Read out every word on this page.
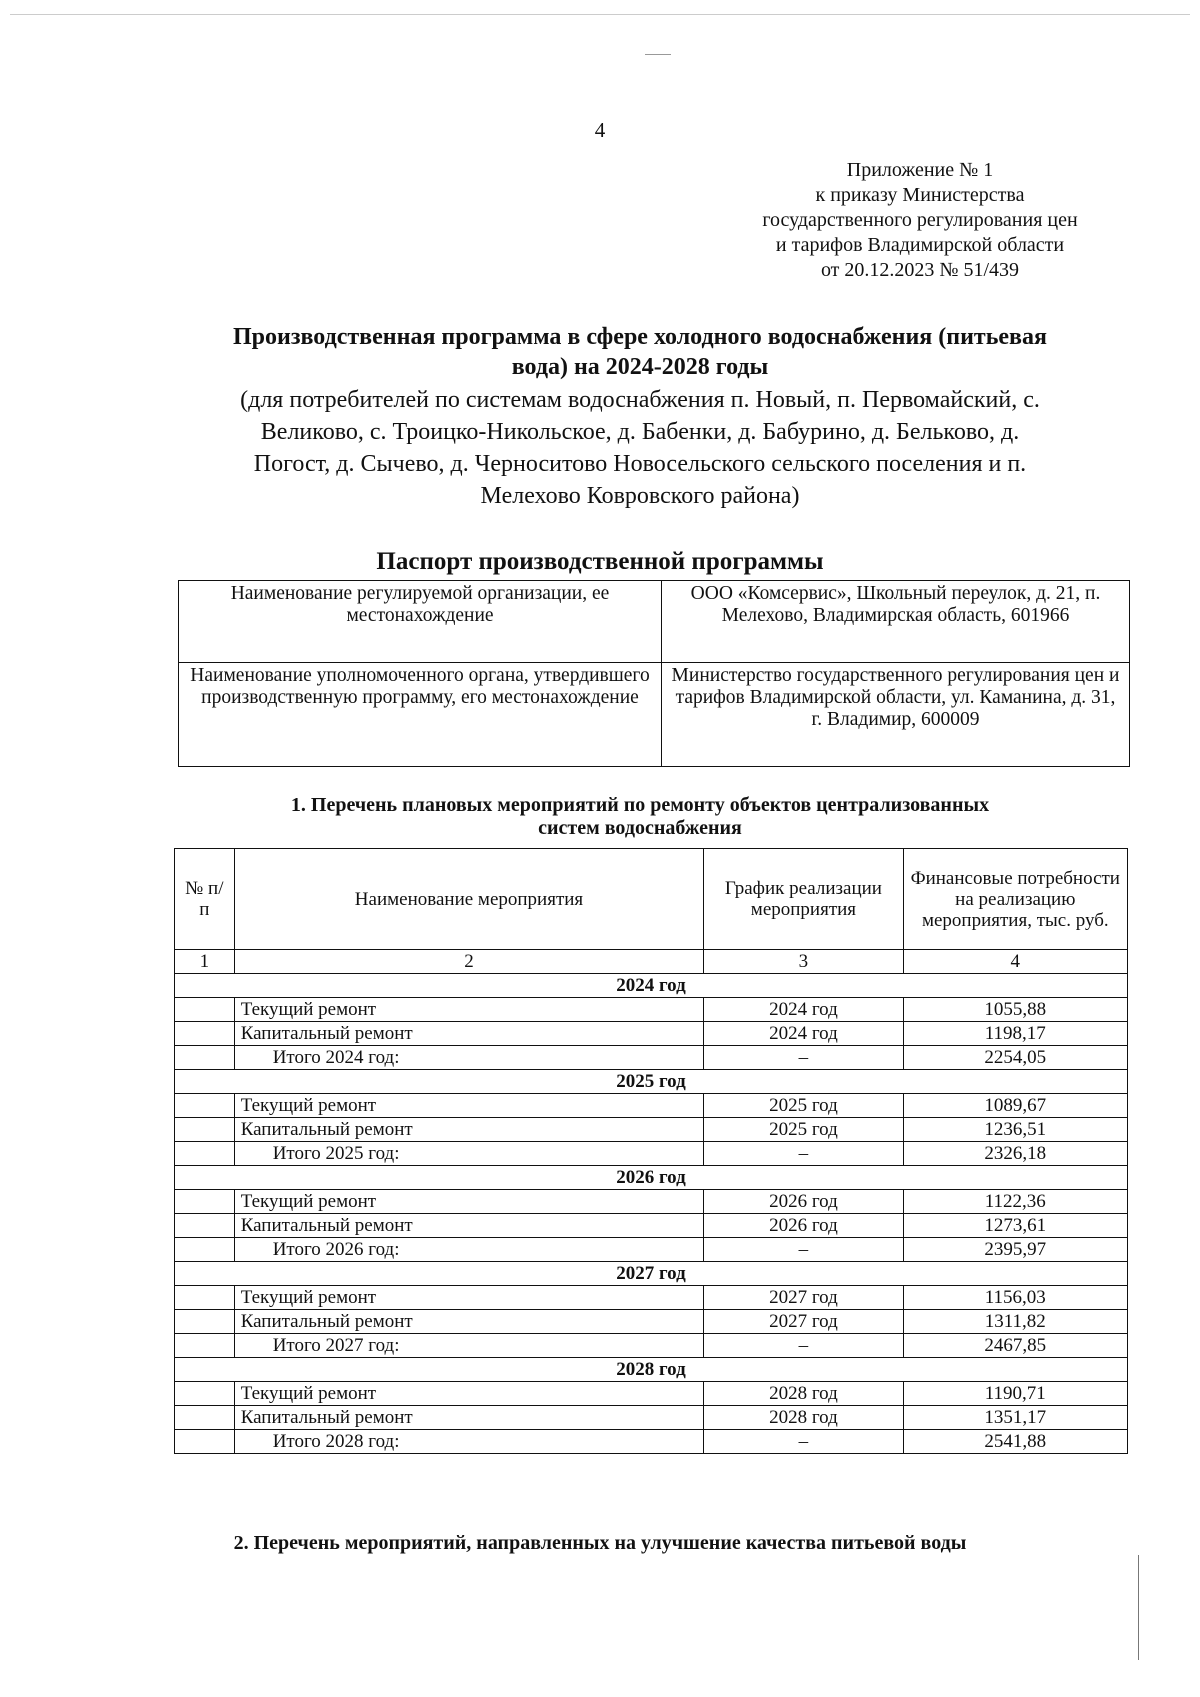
4
Приложение № 1
к приказу Министерства
государственного регулирования цен
и тарифов Владимирской области
от 20.12.2023 № 51/439
Производственная программа в сфере холодного водоснабжения (питьевая
вода) на 2024-2028 годы
(для потребителей по системам водоснабжения п. Новый, п. Первомайский, с.
Великово, с. Троицко-Никольское, д. Бабенки, д. Бабурино, д. Бельково, д.
Погост, д. Сычево, д. Черноситово Новосельского сельского поселения и п.
Мелехово Ковровского района)
Паспорт производственной программы
Наименование регулируемой организации, ее местонахождение	ООО «Комсервис», Школьный переулок, д. 21, п. Мелехово, Владимирская область, 601966
Наименование уполномоченного органа, утвердившего производственную программу, его местонахождение	Министерство государственного регулирования цен и тарифов Владимирской области, ул. Каманина, д. 31, г. Владимир, 600009
1. Перечень плановых мероприятий по ремонту объектов централизованных
систем водоснабжения
№ п/п	Наименование мероприятия	График реализации мероприятия	Финансовые потребности на реализацию мероприятия, тыс. руб.
1	2	3	4
2024 год			
	Текущий ремонт	2024 год	1055,88
	Капитальный ремонт	2024 год	1198,17
	Итого 2024 год:	–	2254,05
2025 год			
	Текущий ремонт	2025 год	1089,67
	Капитальный ремонт	2025 год	1236,51
	Итого 2025 год:	–	2326,18
2026 год			
	Текущий ремонт	2026 год	1122,36
	Капитальный ремонт	2026 год	1273,61
	Итого 2026 год:	–	2395,97
2027 год			
	Текущий ремонт	2027 год	1156,03
	Капитальный ремонт	2027 год	1311,82
	Итого 2027 год:	–	2467,85
2028 год			
	Текущий ремонт	2028 год	1190,71
	Капитальный ремонт	2028 год	1351,17
	Итого 2028 год:	–	2541,88
2. Перечень мероприятий, направленных на улучшение качества питьевой воды
